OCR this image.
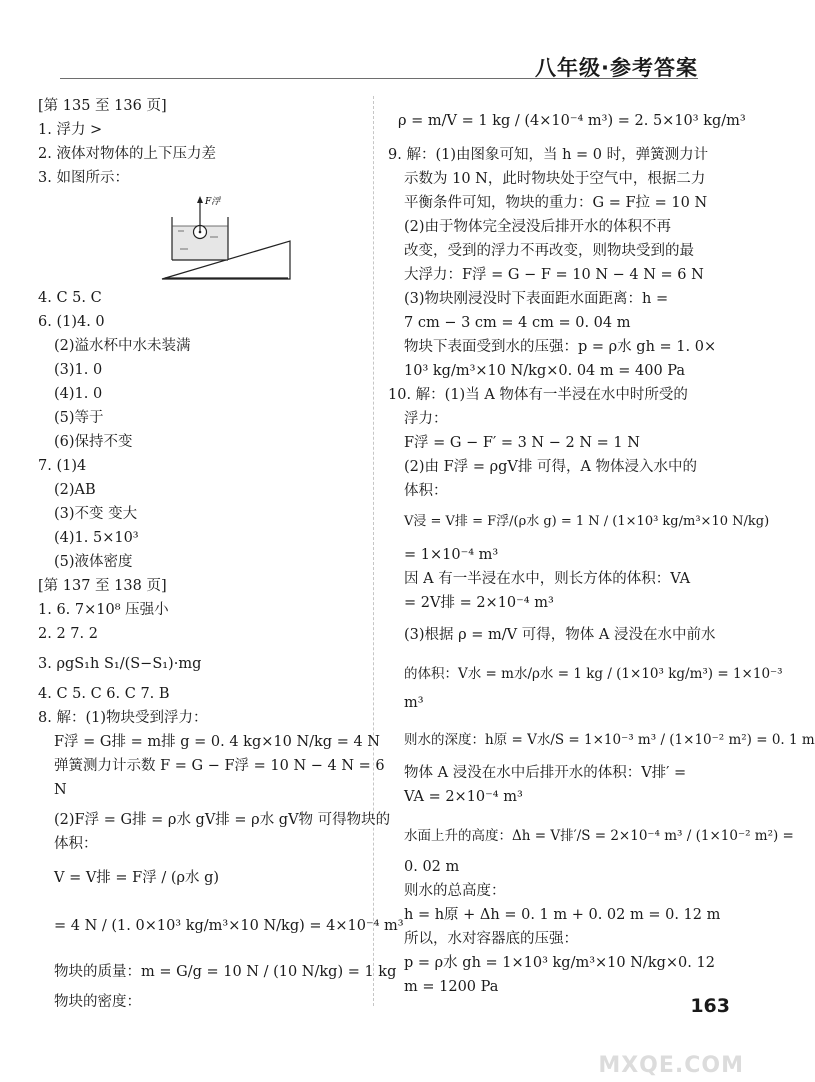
八年级·参考答案
[第 135 至 136 页]
1. 浮力 >
2. 液体对物体的上下压力差
3. 如图所示：
F浮
4. C 5. C
6. (1)4. 0
(2)溢水杯中水未装满
(3)1. 0
(4)1. 0
(5)等于
(6)保持不变
7. (1)4
(2)AB
(3)不变 变大
(4)1. 5×10³
(5)液体密度
[第 137 至 138 页]
1. 6. 7×10⁸ 压强小
2. 2 7. 2
3. ρgS₁h S₁/(S−S₁)·mg
4. C 5. C 6. C 7. B
8. 解：(1)物块受到浮力：
F浮 = G排 = m排 g = 0. 4 kg×10 N/kg = 4 N
弹簧测力计示数 F = G − F浮 = 10 N − 4 N = 6
N
(2)F浮 = G排 = ρ水 gV排 = ρ水 gV物 可得物块的
体积：
V = V排 = F浮 / (ρ水 g)
= 4 N / (1. 0×10³ kg/m³×10 N/kg) = 4×10⁻⁴ m³
物块的质量：m = G/g = 10 N / (10 N/kg) = 1 kg
物块的密度：
ρ = m/V = 1 kg / (4×10⁻⁴ m³) = 2. 5×10³ kg/m³
9. 解：(1)由图象可知，当 h = 0 时，弹簧测力计
示数为 10 N，此时物块处于空气中，根据二力
平衡条件可知，物块的重力：G = F拉 = 10 N
(2)由于物体完全浸没后排开水的体积不再
改变，受到的浮力不再改变，则物块受到的最
大浮力：F浮 = G − F = 10 N − 4 N = 6 N
(3)物块刚浸没时下表面距水面距离：h =
7 cm − 3 cm = 4 cm = 0. 04 m
物块下表面受到水的压强：p = ρ水 gh = 1. 0×
10³ kg/m³×10 N/kg×0. 04 m = 400 Pa
10. 解：(1)当 A 物体有一半浸在水中时所受的
浮力：
F浮 = G − F′ = 3 N − 2 N = 1 N
(2)由 F浮 = ρgV排 可得，A 物体浸入水中的
体积：
V浸 = V排 = F浮/(ρ水 g) = 1 N / (1×10³ kg/m³×10 N/kg)
= 1×10⁻⁴ m³
因 A 有一半浸在水中，则长方体的体积：VA
= 2V排 = 2×10⁻⁴ m³
(3)根据 ρ = m/V 可得，物体 A 浸没在水中前水
的体积：V水 = m水/ρ水 = 1 kg / (1×10³ kg/m³) = 1×10⁻³
m³
则水的深度：h原 = V水/S = 1×10⁻³ m³ / (1×10⁻² m²) = 0. 1 m
物体 A 浸没在水中后排开水的体积：V排′ =
VA = 2×10⁻⁴ m³
水面上升的高度：Δh = V排′/S = 2×10⁻⁴ m³ / (1×10⁻² m²) =
0. 02 m
则水的总高度：
h = h原 + Δh = 0. 1 m + 0. 02 m = 0. 12 m
所以，水对容器底的压强：
p = ρ水 gh = 1×10³ kg/m³×10 N/kg×0. 12
m = 1200 Pa
163
MXQE.COM
